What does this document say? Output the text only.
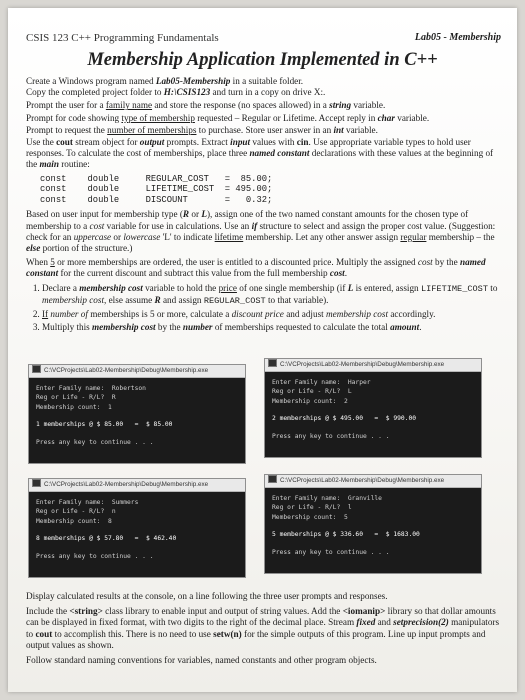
CSIS 123 C++ Programming Fundamentals	Lab05 - Membership
Membership Application Implemented in C++

Create a Windows program named Lab05-Membership in a suitable folder.
Copy the completed project folder to H:\CSIS123 and turn in a copy on drive X:.

Prompt the user for a family name and store the response (no spaces allowed) in a string variable.

Prompt for code showing type of membership requested – Regular or Lifetime. Accept reply in char variable.

Prompt to request the number of memberships to purchase. Store user answer in an int variable.

Use the cout stream object for output prompts. Extract input values with cin. Use appropriate variable types to hold user responses. To calculate the cost of memberships, place three named constant declarations with these values at the beginning of the main routine:

const    double     REGULAR_COST   =  85.00;
const    double     LIFETIME_COST  = 495.00;
const    double     DISCOUNT       =   0.32;

Based on user input for membership type (R or L), assign one of the two named constant amounts for the chosen type of membership to a cost variable for use in calculations. Use an if structure to select and assign the proper cost value. (Suggestion: check for an uppercase or lowercase 'L' to indicate lifetime membership. Let any other answer assign regular membership – the else portion of the structure.)

When 5 or more memberships are ordered, the user is entitled to a discounted price. Multiply the assigned cost by the named constant for the current discount and subtract this value from the full membership cost.

1. Declare a membership cost variable to hold the price of one single membership (if L is entered, assign LIFETIME_COST to membership cost, else assume R and assign REGULAR_COST to that variable).
2. If number of memberships is 5 or more, calculate a discount price and adjust membership cost accordingly.
3. Multiply this membership cost by the number of memberships requested to calculate the total amount.
C:\VCProjects\Lab02-Membership\Debug\Membership.exe
Enter Family name:  Robertson
Reg or Life - R/L?  R
Membership count:  1

1 memberships @ $ 85.00   =  $ 85.00

Press any key to continue . . .
C:\VCProjects\Lab02-Membership\Debug\Membership.exe
Enter Family name:  Harper
Reg or Life - R/L?  L
Membership count:  2

2 memberships @ $ 495.00   =  $ 990.00

Press any key to continue . . .
C:\VCProjects\Lab02-Membership\Debug\Membership.exe
Enter Family name:  Summers
Reg or Life - R/L?  n
Membership count:  8

8 memberships @ $ 57.80   =  $ 462.40

Press any key to continue . . .
C:\VCProjects\Lab02-Membership\Debug\Membership.exe
Enter Family name:  Granville
Reg or Life - R/L?  l
Membership count:  5

5 memberships @ $ 336.60   =  $ 1683.00

Press any key to continue . . .

Display calculated results at the console, on a line following the three user prompts and responses.

Include the <string> class library to enable input and output of string values. Add the <iomanip> library so that dollar amounts can be displayed in fixed format, with two digits to the right of the decimal place. Stream fixed and setprecision(2) manipulators to cout to accomplish this. There is no need to use setw(n) for the simple outputs of this program. Line up input prompts and output values as shown.

Follow standard naming conventions for variables, named constants and other program objects.
